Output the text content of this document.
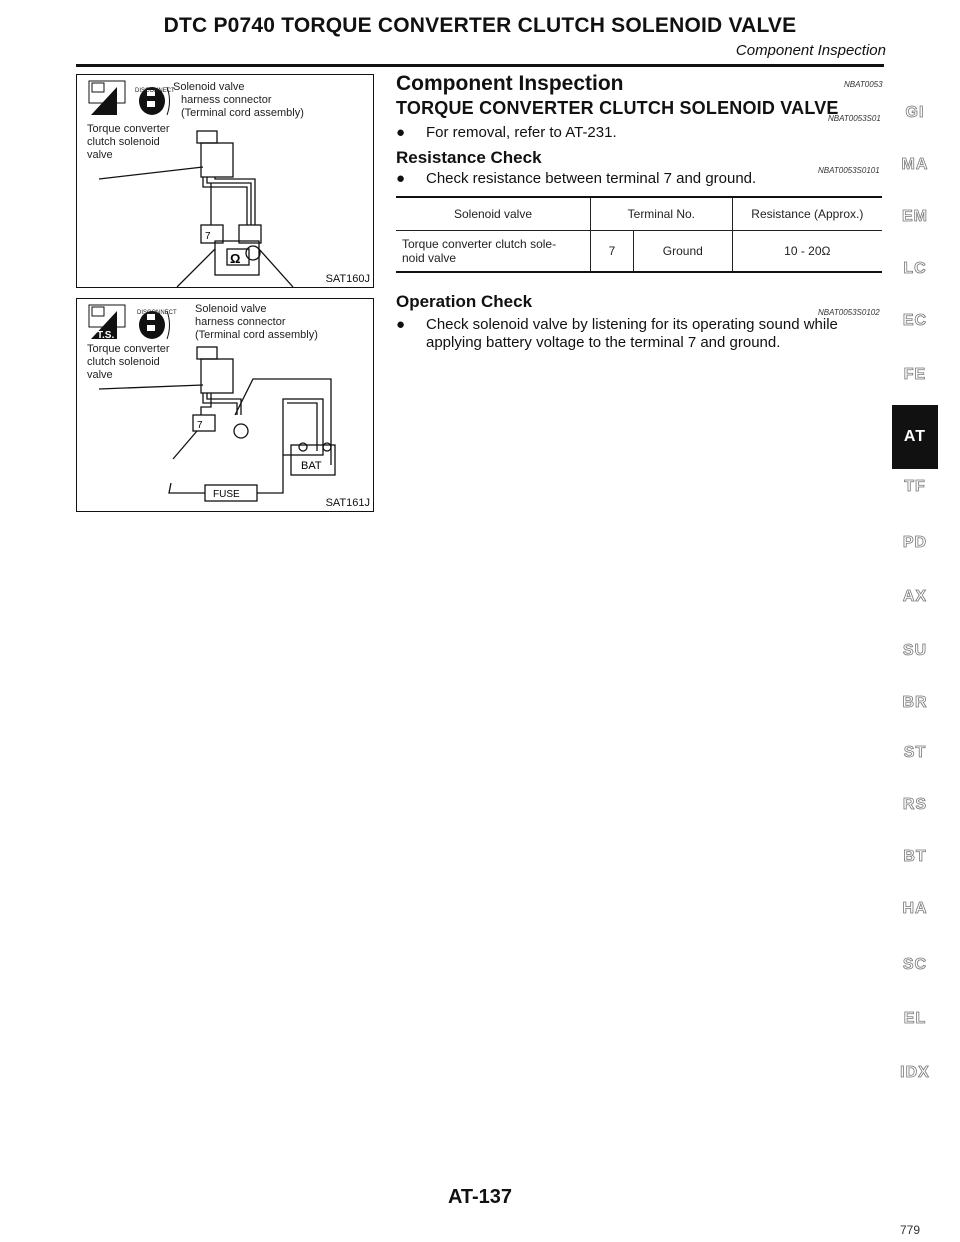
DTC P0740 TORQUE CONVERTER CLUTCH SOLENOID VALVE
Component Inspection
7
Ω
DISCONNECT
Solenoid valve
harness connector
(Terminal cord assembly)
T.S.
Torque converter
clutch solenoid
valve
SAT160J
7
BAT
FUSE
DISCONNECT Solenoid valve
harness connector
(Terminal cord assembly)
T.S.
Torque converter
clutch solenoid
valve
SAT161J
Component Inspection	NBAT0053
TORQUE CONVERTER CLUTCH SOLENOID VALVE
NBAT0053S01
● For removal, refer to AT-231.
Resistance Check
NBAT0053S0101
● Check resistance between terminal 7 and ground.
Solenoid valve	Terminal No.		Resistance (Approx.)

Torque converter clutch sole-
noid valve	7	Ground	10 - 20Ω
Operation Check
NBAT0053S0102
● Check solenoid valve by listening for its operating sound while
applying battery voltage to the terminal 7 and ground.
GI
MA
EM
LC
EC
FE
AT
TF
PD
AX
SU
BR
ST
RS
BT
HA
SC
EL
IDX
AT-137
779
